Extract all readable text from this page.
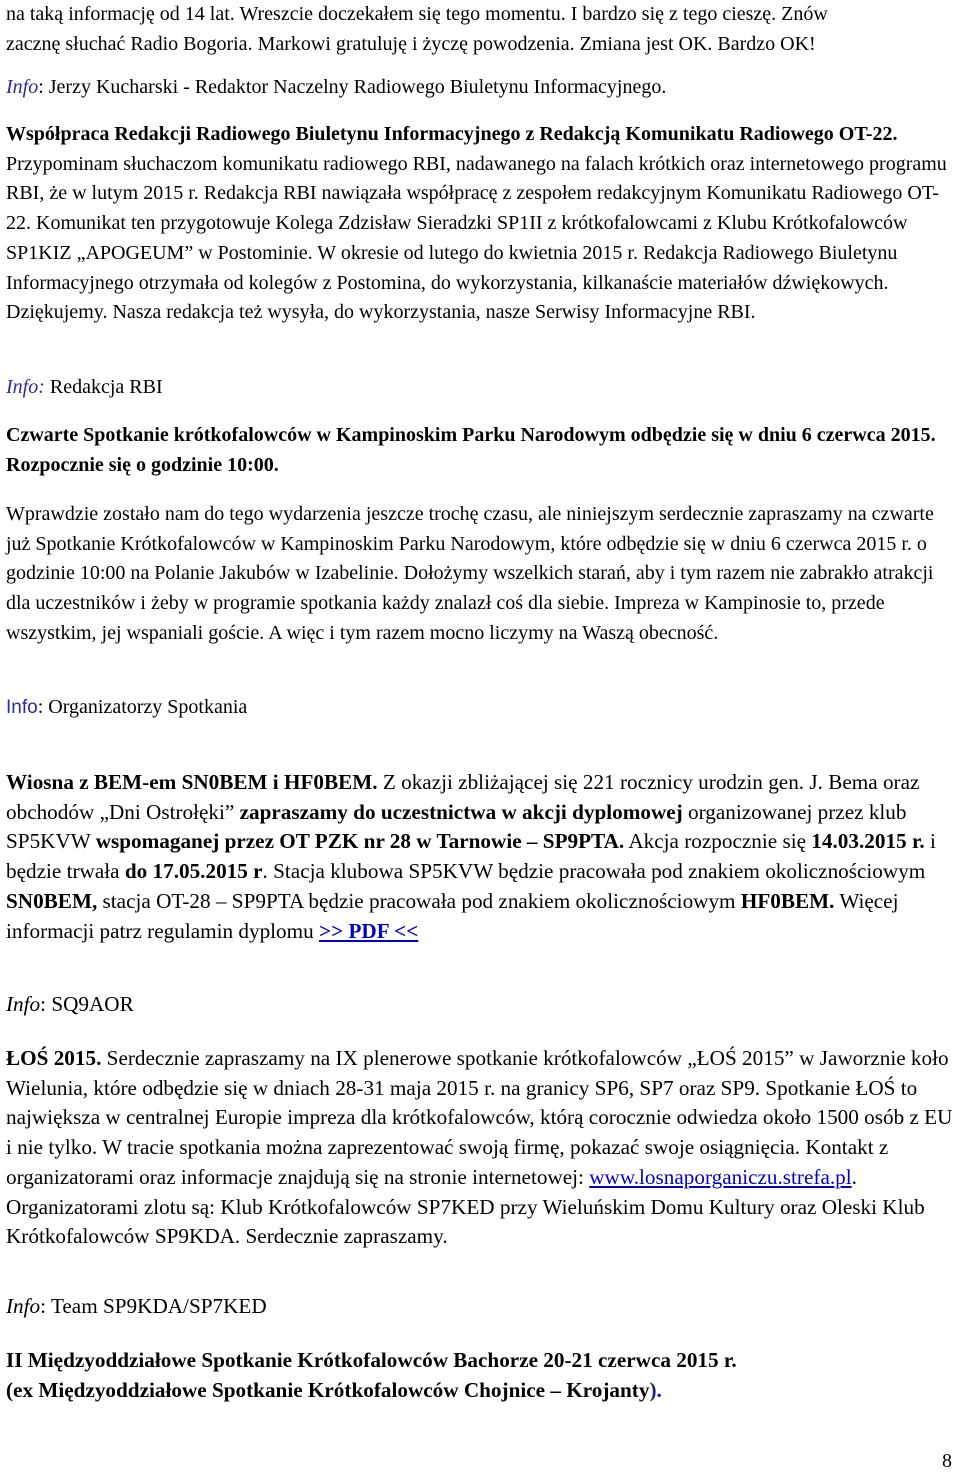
na taką informację od 14 lat. Wreszcie doczekałem się tego momentu. I bardzo się z tego cieszę. Znów

zacznę słuchać Radio Bogoria. Markowi gratuluję i życzę powodzenia. Zmiana jest OK. Bardzo OK!

Info: Jerzy Kucharski - Redaktor Naczelny Radiowego Biuletynu Informacyjnego.

Współpraca Redakcji Radiowego Biuletynu Informacyjnego z Redakcją Komunikatu Radiowego OT-22. Przypominam słuchaczom komunikatu radiowego RBI, nadawanego na falach krótkich oraz internetowego programu RBI, że w lutym 2015 r. Redakcja RBI nawiązała współpracę z zespołem redakcyjnym Komunikatu Radiowego OT-22. Komunikat ten przygotowuje Kolega Zdzisław Sieradzki SP1II z krótkofalowcami z Klubu Krótkofalowców SP1KIZ „APOGEUM” w Postominie. W okresie od lutego do kwietnia 2015 r. Redakcja Radiowego Biuletynu Informacyjnego otrzymała od kolegów z Postomina, do wykorzystania, kilkanaście materiałów dźwiękowych. Dziękujemy. Nasza redakcja też wysyła, do wykorzystania, nasze Serwisy Informacyjne RBI.

Info: Redakcja RBI
Czwarte Spotkanie krótkofalowców w Kampinoskim Parku Narodowym odbędzie się w dniu 6 czerwca 2015. Rozpocznie się o godzinie 10:00.
Wprawdzie zostało nam do tego wydarzenia jeszcze trochę czasu, ale niniejszym serdecznie zapraszamy na czwarte już Spotkanie Krótkofalowców w Kampinoskim Parku Narodowym, które odbędzie się w dniu 6 czerwca 2015 r. o godzinie 10:00 na Polanie Jakubów w Izabelinie. Dołożymy wszelkich starań, aby i tym razem nie zabrakło atrakcji dla uczestników i żeby w programie spotkania każdy znalazł coś dla siebie. Impreza w Kampinosie to, przede wszystkim, jej wspaniali goście. A więc i tym razem mocno liczymy na Waszą obecność.
Info: Organizatorzy Spotkania
Wiosna z BEM-em SN0BEM i HF0BEM. Z okazji zbliżającej się 221 rocznicy urodzin gen. J. Bema oraz obchodów „Dni Ostrołęki” zapraszamy do uczestnictwa w akcji dyplomowej organizowanej przez klub SP5KVW wspomaganej przez OT PZK nr 28 w Tarnowie – SP9PTA. Akcja rozpocznie się 14.03.2015 r. i będzie trwała do 17.05.2015 r. Stacja klubowa SP5KVW będzie pracowała pod znakiem okolicznościowym SN0BEM, stacja OT-28 – SP9PTA będzie pracowała pod znakiem okolicznościowym HF0BEM. Więcej informacji patrz regulamin dyplomu >> PDF <<
Info: SQ9AOR
ŁOŚ 2015. Serdecznie zapraszamy na IX plenerowe spotkanie krótkofalowców „ŁOŚ 2015” w Jaworznie koło Wielunia, które odbędzie się w dniach 28-31 maja 2015 r. na granicy SP6, SP7 oraz SP9. Spotkanie ŁOŚ to największa w centralnej Europie impreza dla krótkofalowców, którą corocznie odwiedza około 1500 osób z EU i nie tylko. W tracie spotkania można zaprezentować swoją firmę, pokazać swoje osiągnięcia. Kontakt z organizatorami oraz informacje znajdują się na stronie internetowej: www.losnaporganiczu.strefa.pl. Organizatorami zlotu są: Klub Krótkofalowców SP7KED przy Wieluńskim Domu Kultury oraz Oleski Klub Krótkofalowców SP9KDA. Serdecznie zapraszamy.
Info: Team SP9KDA/SP7KED

II Międzyoddziałowe Spotkanie Krótkofalowców Bachorze 20-21 czerwca 2015 r.

(ex Międzyoddziałowe Spotkanie Krótkofalowców Chojnice – Krojanty).

8
